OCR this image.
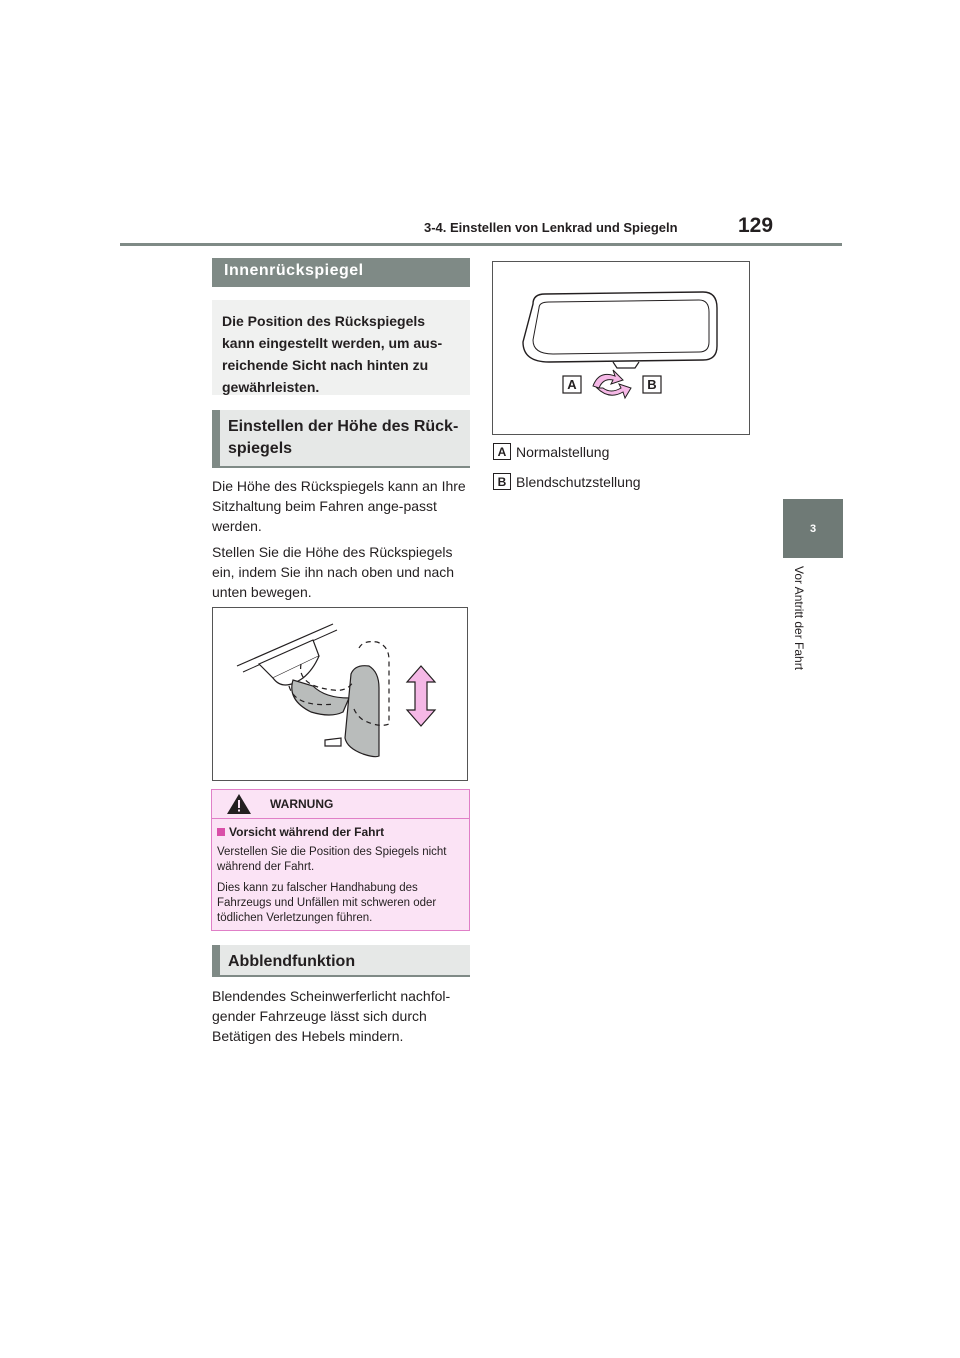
3-4. Einstellen von Lenkrad und Spiegeln	129
3
Vor Antritt der Fahrt
Innenrückspiegel
Die Position des Rückspiegels kann eingestellt werden, um aus-reichende Sicht nach hinten zu gewährleisten.
Einstellen der Höhe des Rück-spiegels

Die Höhe des Rückspiegels kann an Ihre Sitzhaltung beim Fahren ange-passt werden.

Stellen Sie die Höhe des Rückspiegels ein, indem Sie ihn nach oben und nach unten bewegen.

WARNUNG
Vorsicht während der Fahrt

Verstellen Sie die Position des Spiegels nicht während der Fahrt.

Dies kann zu falscher Handhabung des Fahrzeugs und Unfällen mit schweren oder tödlichen Verletzungen führen.

Abblendfunktion

Blendendes Scheinwerferlicht nachfol-gender Fahrzeuge lässt sich durch Betätigen des Hebels mindern.

A	B
A Normalstellung
B Blendschutzstellung
